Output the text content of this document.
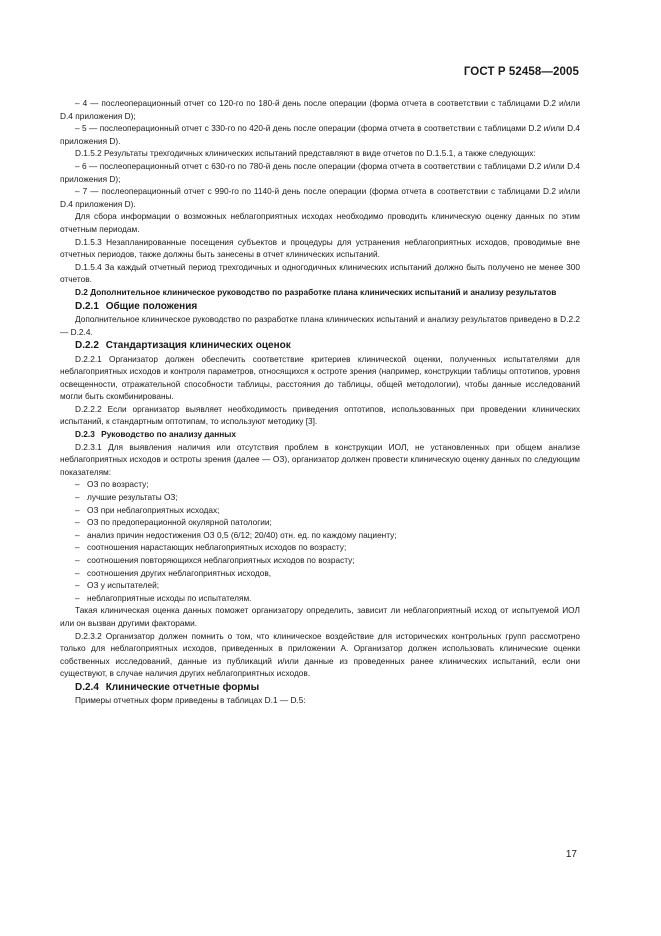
ГОСТ Р 52458—2005

– 4 — послеоперационный отчет со 120-го по 180-й день после операции (форма отчета в соответствии с таблицами D.2 и/или D.4 приложения D);

– 5 — послеоперационный отчет с 330-го по 420-й день после операции (форма отчета в соответствии с таблицами D.2 и/или D.4 приложения D).

D.1.5.2 Результаты трехгодичных клинических испытаний представляют в виде отчетов по D.1.5.1, а также следующих:

– 6 — послеоперационный отчет с 630-го по 780-й день после операции (форма отчета в соответствии с таблицами D.2 и/или D.4 приложения D);

– 7 — послеоперационный отчет с 990-го по 1140-й день после операции (форма отчета в соответствии с таблицами D.2 и/или D.4 приложения D).

Для сбора информации о возможных неблагоприятных исходах необходимо проводить клиническую оценку данных по этим отчетным периодам.

D.1.5.3 Незапланированные посещения субъектов и процедуры для устранения неблагоприятных исходов, проводимые вне отчетных периодов, также должны быть занесены в отчет клинических испытаний.

D.1.5.4 За каждый отчетный период трехгодичных и одногодичных клинических испытаний должно быть получено не менее 300 отчетов.

D.2 Дополнительное клиническое руководство по разработке плана клинических испытаний и анализу результатов

D.2.1 Общие положения

Дополнительное клиническое руководство по разработке плана клинических испытаний и анализу результатов приведено в D.2.2 — D.2.4.

D.2.2 Стандартизация клинических оценок

D.2.2.1 Организатор должен обеспечить соответствие критериев клинической оценки, полученных испытателями для неблагоприятных исходов и контроля параметров, относящихся к остроте зрения (например, конструкции таблицы оптотипов, уровня освещенности, отражательной способности таблицы, расстояния до таблицы, общей методологии), чтобы данные исследований могли быть скомбинированы.

D.2.2.2 Если организатор выявляет необходимость приведения оптотипов, использованных при проведении клинических испытаний, к стандартным оптотипам, то используют методику [3].

D.2.3 Руководство по анализу данных

D.2.3.1 Для выявления наличия или отсутствия проблем в конструкции ИОЛ, не установленных при общем анализе неблагоприятных исходов и остроты зрения (далее — ОЗ), организатор должен провести клиническую оценку данных по следующим показателям:

– ОЗ по возрасту;

– лучшие результаты ОЗ;

– ОЗ при неблагоприятных исходах;

– ОЗ по предоперационной окулярной патологии;

– анализ причин недостижения ОЗ 0,5 (6/12; 20/40) отн. ед. по каждому пациенту;

– соотношения нарастающих неблагоприятных исходов по возрасту;

– соотношения повторяющихся неблагоприятных исходов по возрасту;

– соотношения других неблагоприятных исходов,

– ОЗ у испытателей;

– неблагоприятные исходы по испытателям.

Такая клиническая оценка данных поможет организатору определить, зависит ли неблагоприятный исход от испытуемой ИОЛ или он вызван другими факторами.

D.2.3.2 Организатор должен помнить о том, что клиническое воздействие для исторических контрольных групп рассмотрено только для неблагоприятных исходов, приведенных в приложении А. Организатор должен использовать клинические оценки собственных исследований, данные из публикаций и/или данные из проведенных ранее клинических испытаний, если они существуют, в случае наличия других неблагоприятных исходов.

D.2.4 Клинические отчетные формы

Примеры отчетных форм приведены в таблицах D.1 — D.5:

17
